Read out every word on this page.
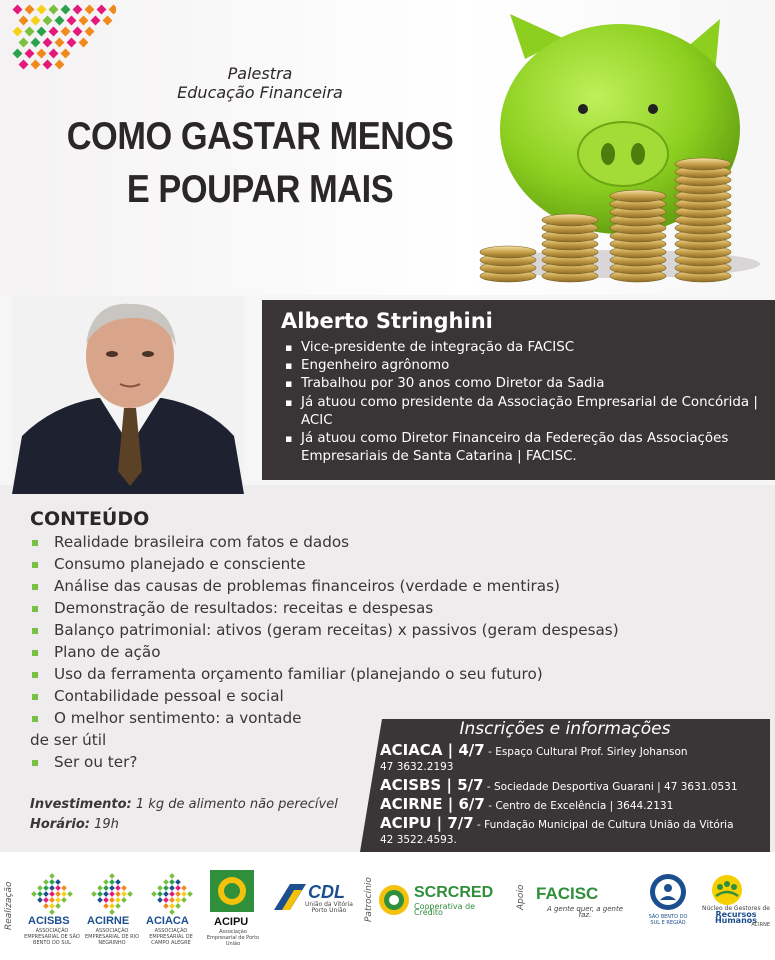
Palestra
Educação Financeira
COMO GASTAR MENOS
E POUPAR MAIS
Alberto Stringhini
▪ Vice-presidente de integração da FACISC
▪ Engenheiro agrônomo
▪ Trabalhou por 30 anos como Diretor da Sadia
▪ Já atuou como presidente da Associação Empresarial de Concórida | ACIC
▪ Já atuou como Diretor Financeiro da Federeção das Associações Empresariais de Santa Catarina | FACISC.
CONTEÚDO
Realidade brasileira com fatos e dados
Consumo planejado e consciente
Análise das causas de problemas financeiros (verdade e mentiras)
Demonstração de resultados: receitas e despesas
Balanço patrimonial: ativos (geram receitas) x passivos (geram despesas)
Plano de ação
Uso da ferramenta orçamento familiar (planejando o seu futuro)
Contabilidade pessoal e social
O melhor sentimento: a vontade
de ser útil
Ser ou ter?
Investimento: 1 kg de alimento não perecível
Horário: 19h
Inscrições e informações
ACIACA | 4/7 - Espaço Cultural Prof. Sirley Johanson
47 3632.2193
ACISBS | 5/7 - Sociedade Desportiva Guarani | 47 3631.0531
ACIRNE | 6/7 - Centro de Excelência | 3644.2131
ACIPU | 7/7 - Fundação Municipal de Cultura União da Vitória
42 3522.4593.
Realização	Patrocínio	Apoio
ACISBS
ASSOCIAÇÃO EMPRESARIAL DE SÃO BENTO DO SUL
ACIRNE
ASSOCIAÇÃO EMPRESARIAL DE RIO NEGRINHO
ACIACA
ASSOCIAÇÃO EMPRESARIAL DE CAMPO ALEGRE
ACIPU
Associação Empresarial de Porto União
CDL
União da Vitória Porto União
SCRCRED
Cooperativa de Crédito
FACISC
A gente quer, a gente faz.	SÃO BENTO DO SUL E REGIÃO
Núcleo de Gestores de
Recursos Humanos
ACIRNE
